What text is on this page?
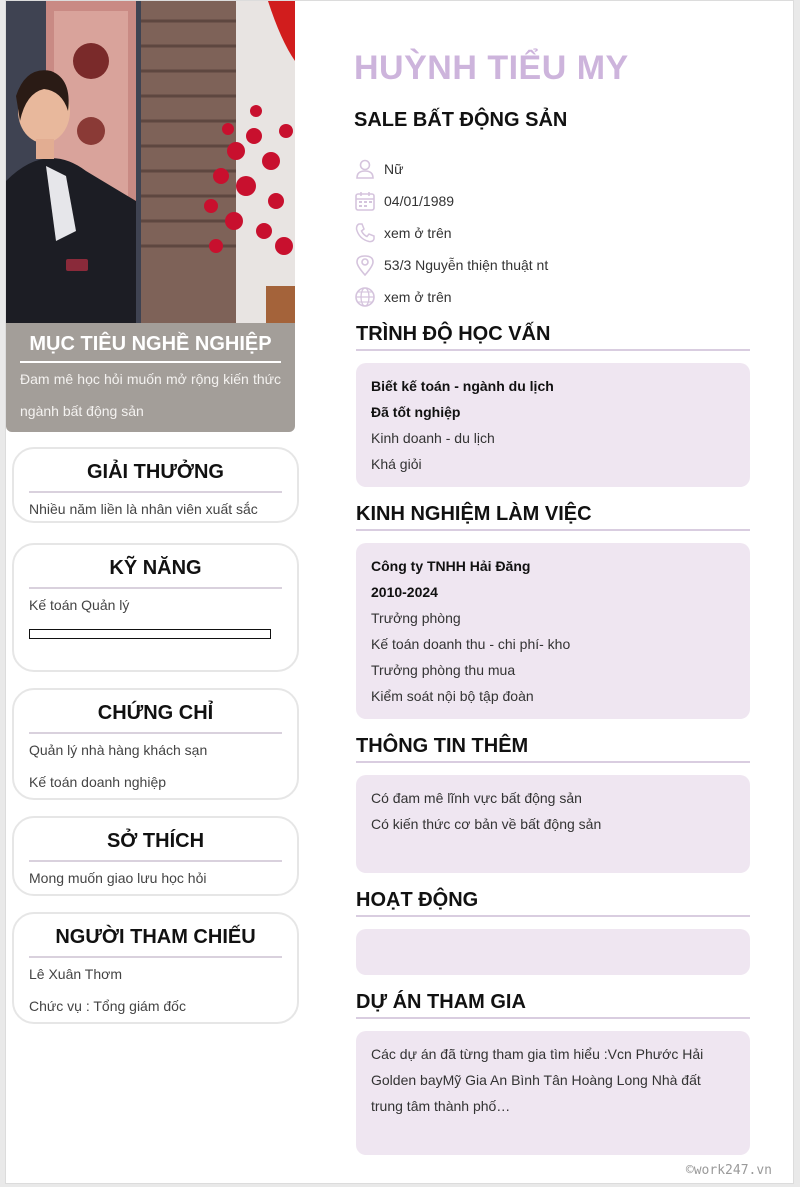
MỤC TIÊU NGHỀ NGHIỆP
Đam mê học hỏi muốn mở rộng kiến thức ngành bất động sản
GIẢI THƯỞNG
Nhiều năm liền là nhân viên xuất sắc
KỸ NĂNG
Kế toán Quản lý
CHỨNG CHỈ
Quản lý nhà hàng khách sạn
Kế toán doanh nghiệp
SỞ THÍCH
Mong muốn giao lưu học hỏi
NGƯỜI THAM CHIẾU
Lê Xuân Thơm
Chức vụ : Tổng giám đốc
HUỲNH TIỂU MY
SALE BẤT ĐỘNG SẢN
Nữ
04/01/1989
xem ở trên
53/3 Nguyễn thiện thuật nt
xem ở trên
TRÌNH ĐỘ HỌC VẤN
Biết kế toán - ngành du lịch
Đã tốt nghiệp
Kinh doanh - du lịch
Khá giỏi
KINH NGHIỆM LÀM VIỆC
Công ty TNHH Hải Đăng
2010-2024
Trưởng phòng
Kế toán doanh thu - chi phí- kho
Trưởng phòng thu mua
Kiểm soát nội bộ tập đoàn
THÔNG TIN THÊM
Có đam mê lĩnh vực bất động sản
Có kiến thức cơ bản về bất động sản
HOẠT ĐỘNG
DỰ ÁN THAM GIA
Các dự án đã từng tham gia tìm hiểu :Vcn Phước Hải Golden bayMỹ Gia An Bình Tân Hoàng Long Nhà đất trung tâm thành phố…
©work247.vn
